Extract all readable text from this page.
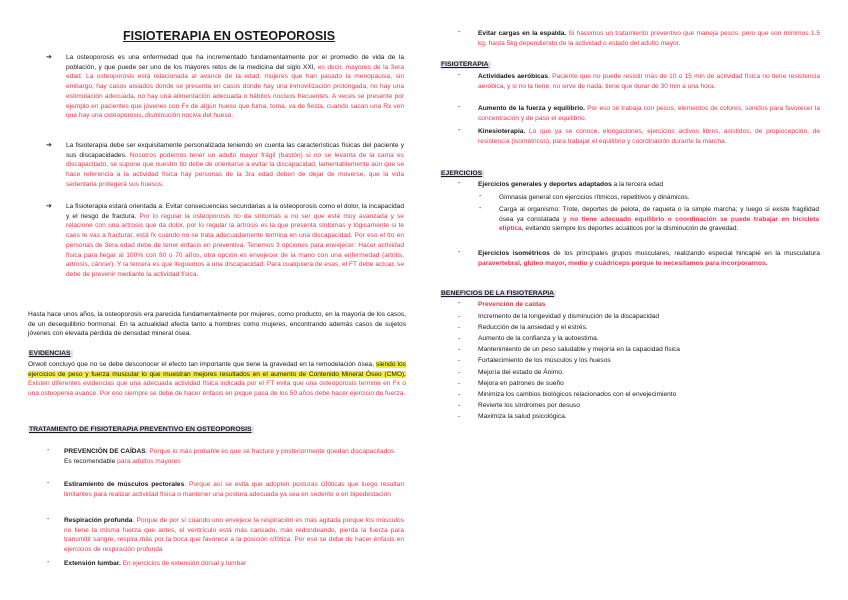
FISIOTERAPIA EN OSTEOPOROSIS
➔ La osteoporosis es una enfermedad que ha incrementado fundamentalmente por el promedio de vida de la población, y que puede ser uno de los mayores retos de la medicina del siglo XXI, es decir, mayores de la 3era edad. La osteoporosis está relacionada al avance de la edad, mujeres que han pasado la menopausia, sin embargo, hay casos aislados donde se presenta en casos donde hay una inmovilización prolongada, no hay una estimulación adecuada, no hay una alimentación adecuada o hábitos nocivos frecuentes. A veces se presente por ejemplo en pacientes que jóvenes con Fx de algún hueso que fuma, toma, va de fiesta, cuando sacan una Rx ven que hay una osteoporosis, disminución nociva del hueso.

➔ La fisioterapia debe ser exquisitamente personalizada teniendo en cuenta las características físicas del paciente y sus discapacidades. Nosotros podemos tener un adulto mayor frágil (bastón) si no se levanta de la cama es discapacitado, se supone que nuestro tto debe de orientarse a evitar la discapacidad, lamentablemente aún que se hace referencia a la actividad física hay personas de la 3ra edad deben de dejar de moverse, que la vida sedentaria protegerá sus huesos.

➔ La fisioterapia estará orientada a: Evitar consecuencias secundarias a la osteoporosis como el dolor, la incapacidad y el riesgo de fractura. Por lo regular la osteoporosis no da síntomas a no ser que esté muy avanzada y se relacione con una artrosis que da dolor, por lo regular la artrosis es la que presenta síntomas y lógicamente si te caes te vas a fracturar, está fx cuando no se trata adecuadamente termina en una discapacidad. Por eso el tto en personas de 3era edad debe de tener énfasis en preventiva. Tenemos 3 opciones para envejecer: Hacer actividad física para llegar al 100% con 80 o 70 años, otra opción es envejecer de la mano con una enfermedad (artritis, artrosis, cáncer). Y la tercera es que lleguemos a una discapacidad. Para cualquiera de esas, el FT debe actuar, se debe de prevenir mediante la actividad física.

Hasta hace unos años, la osteoporosis era parecida fundamentalmente por mujeres, como producto, en la mayoría de los casos, de un desequilibrio hormonal. En la actualidad afecta tanto a hombres como mujeres, encontrando además casos de sujetos jóvenes con elevada pérdida de densidad mineral ósea.

EVIDENCIAS

Orwoll concluyó que no se debe desconocer el efecto tan importante que tiene la gravedad en la remodelación ósea, siendo los ejercicios de peso y fuerza muscular lo que muestran mejores resultados en el aumento de Contenido Mineral Óseo (CMO). Existen diferentes evidencias que una adecuada actividad física indicada por el FT evita que una osteoporosis termine en Fx o una osteopenia avance. Por eso siempre se debe de hacer énfasis en pxque pasa de los 50 años debe hacer ejercicio de fuerza.

TRATAMIENTO DE FISIOTERAPIA PREVENTIVO EN OSTEOPOROSIS
- PREVENCIÓN DE CAÍDAS: Porque lo más probable es que se fracture y posteriormente quedan discapacitados.
Es recomendable para adultos mayores

- Estiramiento de músculos pectorales. Porque así se evita que adopten posturas cifóticas que luego resultan limitantes para realizar actividad física o mantener una postura adecuada ya sea en sedente o en bipedestación

- Respiración profunda. Porque de por sí cuando uno envejece la respiración es más agitada porque los músculos no tiene la misma fuerza que antes, el ventrículo está más cansado, más redondeando, pierda la fuerza para transmitir sangre, respira más por la boca que favorece a la posición cifótica. Por eso se debe de hacer énfasis en ejercicios de respiración profunda

- Extensión lumbar. En ejercicios de extensión dorsal y lumbar

-	Evitar cargas en la espalda. Si hacemos un tratamiento preventivo que maneja pesos, pero que son mínimos 1.5 kg, hasta 5kg dependiendo de la actividad o estado del adulto mayor.

FISIOTERAPIA
-	Actividades aeróbicas. Paciente que no puede resistir más de 10 o 15 min de actividad física no tiene resistencia aeróbica, y si no la tiene, no sirve de nada, tiene que durar de 30 min a una hora.

-	Aumento de la fuerza y equilibrio. Por eso se trabaja con pesos, elementos de colores, sonidos para favorecer la concentración y de paso el equilibrio.

-	Kinesioterapia. Lo que ya se conoce, elongaciones, ejercicios activos libres, asistidos, de propiocepción, de resistencia (isométricos), para trabajar el equilibrio y coordinación durante la marcha.

EJERCICIOS
-	Ejercicios generales y deportes adaptados a la tercera edad

-	Gimnasia general con ejercicios rítmicos, repetitivos y dinámicos.

-	Carga al organismo: Trote, deportes de pelota, de raqueta o la simple marcha; y luego si existe fragilidad ósea ya constatada y no tiene adecuado equilibrio o coordinación se puede trabajar en bicicleta elíptica, evitando siempre los deportes acuáticos por la disminución de gravedad.

-	Ejercicios isométricos de los principales grupos musculares, realizando especial hincapié en la musculatura paravertebral, glúteo mayor, medio y cuádriceps porque lo necesitamos para incorporarnos.

BENEFICIOS DE LA FISIOTERAPIA
-	Prevención de caídas

-	Incremento de la longevidad y disminución de la discapacidad
-	Reducción de la ansiedad y el estrés.
-	Aumento de la confianza y la autoestima.
-	Mantenimiento de un peso saludable y mejoría en la capacidad física
-	Fortalecimiento de los músculos y los huesos
-	Mejoría del estado de Ánimo.
-	Mejora en patrones de sueño
-	Minimiza los cambios biológicos relacionados con el envejecimiento
-	Revierte los síndromes por desuso
-	Maximiza la salud psicológica.
